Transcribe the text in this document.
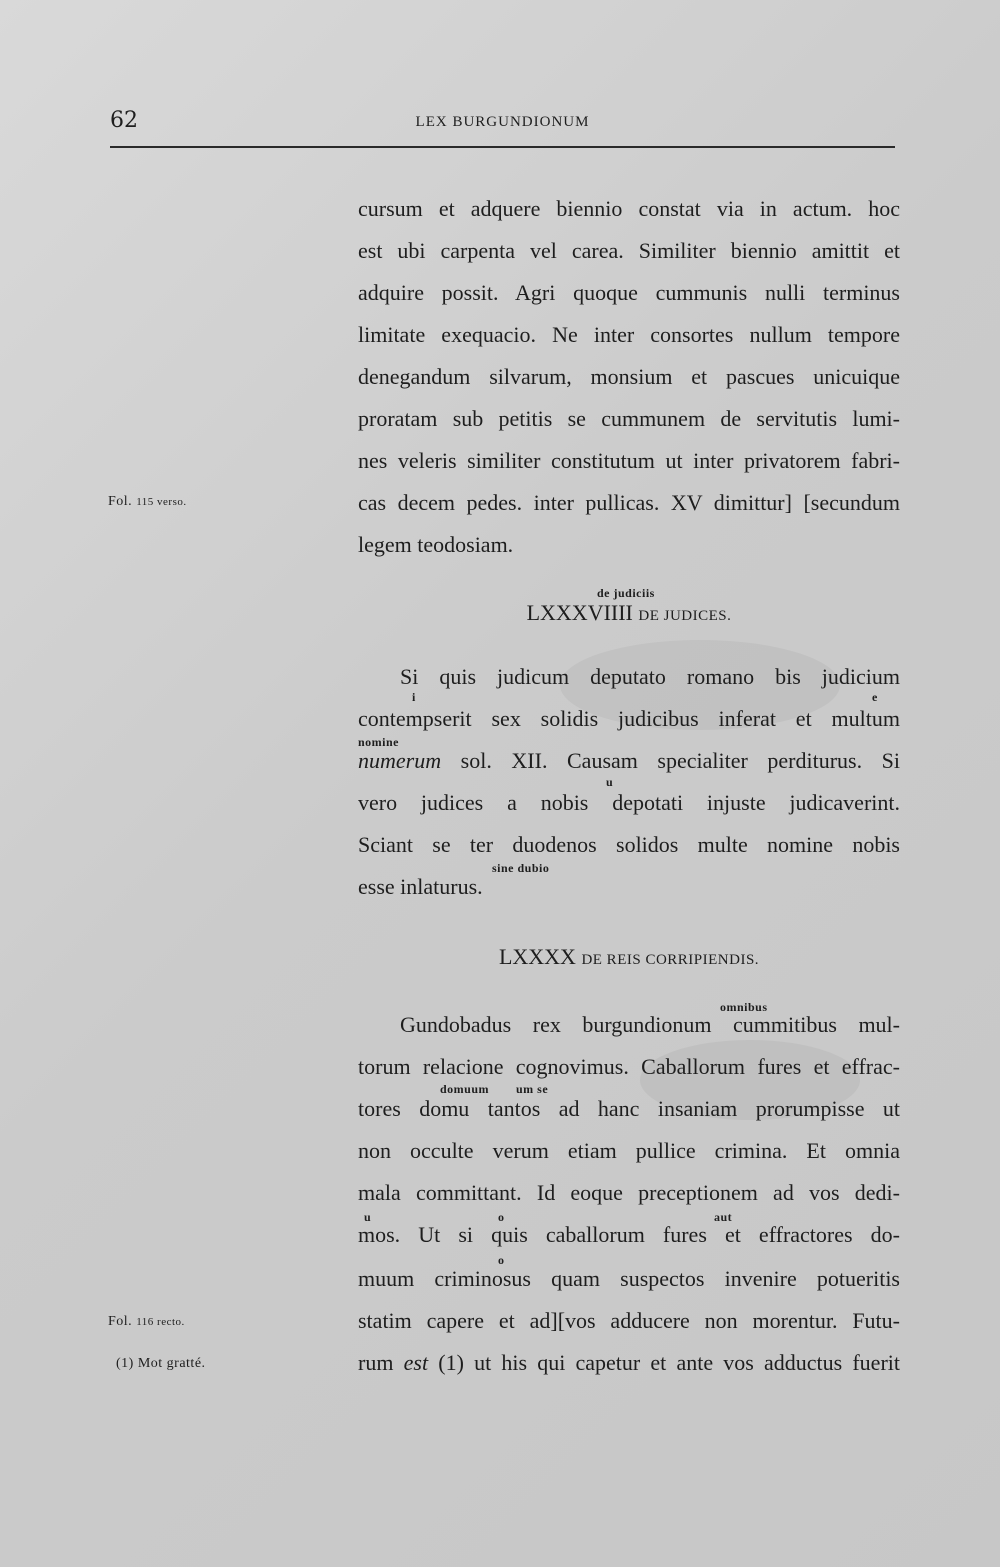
62	LEX BURGUNDIONUM
Fol. 115 verso.
Fol. 116 recto.
(1) Mot gratté.
cursum et adquere biennio constat via in actum. hoc
est ubi carpenta vel carea. Similiter biennio amittit et
adquire possit. Agri quoque cummunis nulli terminus
limitate exequacio. Ne inter consortes nullum tempore
denegandum silvarum, monsium et pascues unicuique
proratam sub petitis se cummunem de servitutis lumi-
nes veleris similiter constitutum ut inter privatorem fabri-
cas decem pedes. inter pullicas. XV dimittur] [secundum
legem teodosiam.
de judiciis
LXXXVIIII DE JUDICES.
Si quis judicum deputato romano bis judicium
i	e
contempserit sex solidis judicibus inferat et multum
nomine
numerum sol. XII. Causam specialiter perditurus. Si
u
vero judices a nobis depotati injuste judicaverint.
Sciant se ter duodenos solidos multe nomine nobis
sine dubio
esse inlaturus.
LXXXX DE REIS CORRIPIENDIS.
omnibus
Gundobadus rex burgundionum cummitibus mul-
torum relacione cognovimus. Caballorum fures et effrac-
domuum um se
tores domu tantos ad hanc insaniam prorumpisse ut
non occulte verum etiam pullice crimina. Et omnia
mala committant. Id eoque preceptionem ad vos dedi-
u	o	aut
mos. Ut si quis caballorum fures et effractores do-
o
muum criminosus quam suspectos invenire potueritis
statim capere et ad][vos adducere non morentur. Futu-
rum est (1) ut his qui capetur et ante vos adductus fuerit
